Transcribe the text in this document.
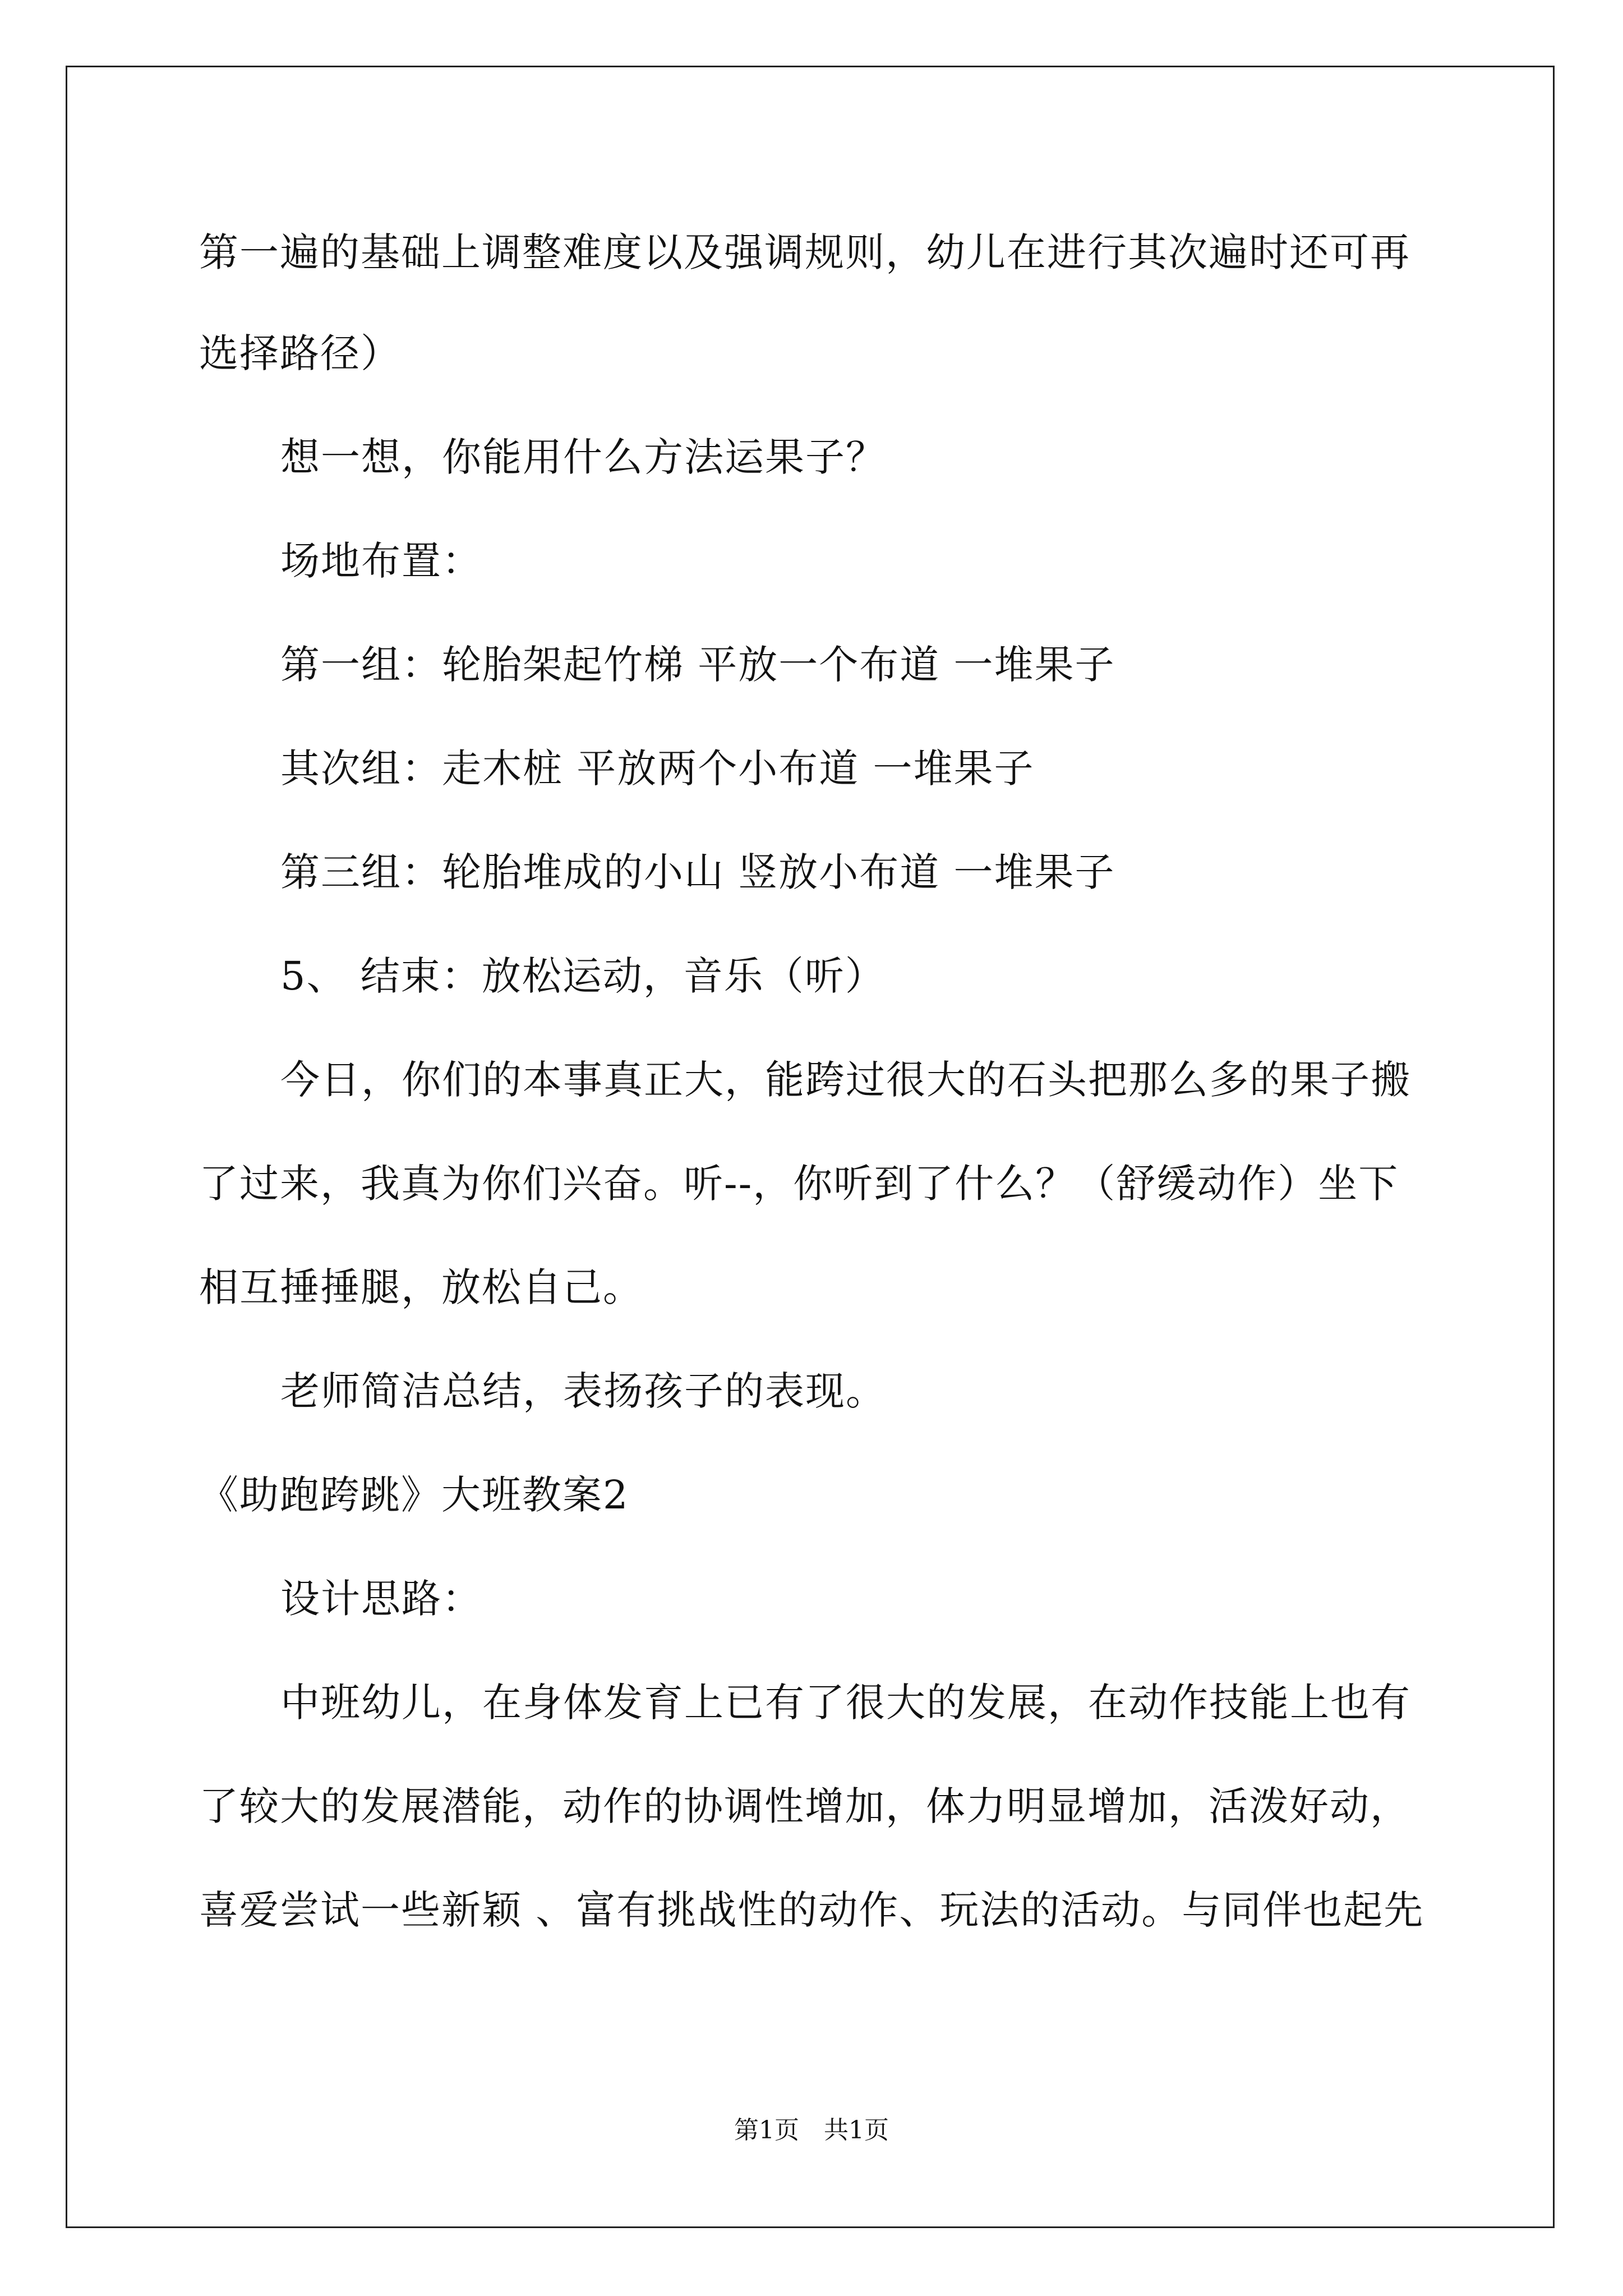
第一遍的基础上调整难度以及强调规则，幼儿在进行其次遍时还可再
选择路径）
想一想，你能用什么方法运果子？
场地布置：
第一组：轮胎架起竹梯 平放一个布道 一堆果子
其次组：走木桩 平放两个小布道 一堆果子
第三组：轮胎堆成的小山 竖放小布道 一堆果子
5、 结束：放松运动，音乐（听）
今日，你们的本事真正大，能跨过很大的石头把那么多的果子搬
了过来，我真为你们兴奋。听--，你听到了什么？（舒缓动作）坐下
相互捶捶腿，放松自己。
老师简洁总结，表扬孩子的表现。
《助跑跨跳》大班教案2
设计思路：
中班幼儿，在身体发育上已有了很大的发展，在动作技能上也有
了较大的发展潜能，动作的协调性增加，体力明显增加，活泼好动，
喜爱尝试一些新颖 、富有挑战性的动作、玩法的活动。与同伴也起先
第1页　共1页
